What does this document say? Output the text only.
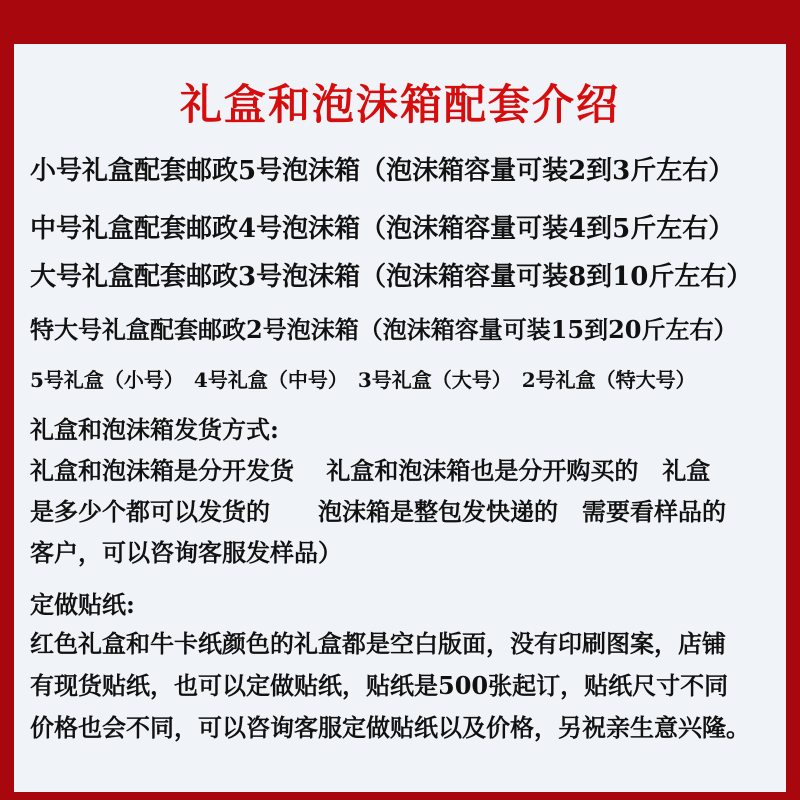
礼盒和泡沫箱配套介绍

小号礼盒配套邮政5号泡沫箱（泡沫箱容量可装2到3斤左右）

中号礼盒配套邮政4号泡沫箱（泡沫箱容量可装4到5斤左右）

大号礼盒配套邮政3号泡沫箱（泡沫箱容量可装8到10斤左右）

特大号礼盒配套邮政2号泡沫箱（泡沫箱容量可装15到20斤左右）

5号礼盒（小号）　4号礼盒（中号）　3号礼盒（大号）　2号礼盒（特大号）

礼盒和泡沫箱发货方式:

礼盒和泡沫箱是分开发货　 礼盒和泡沫箱也是分开购买的　礼盒

是多少个都可以发货的　　泡沫箱是整包发快递的　需要看样品的

客户，可以咨询客服发样品）

定做贴纸:

红色礼盒和牛卡纸颜色的礼盒都是空白版面，没有印刷图案，店铺

有现货贴纸，也可以定做贴纸，贴纸是500张起订，贴纸尺寸不同

价格也会不同，可以咨询客服定做贴纸以及价格，另祝亲生意兴隆。
